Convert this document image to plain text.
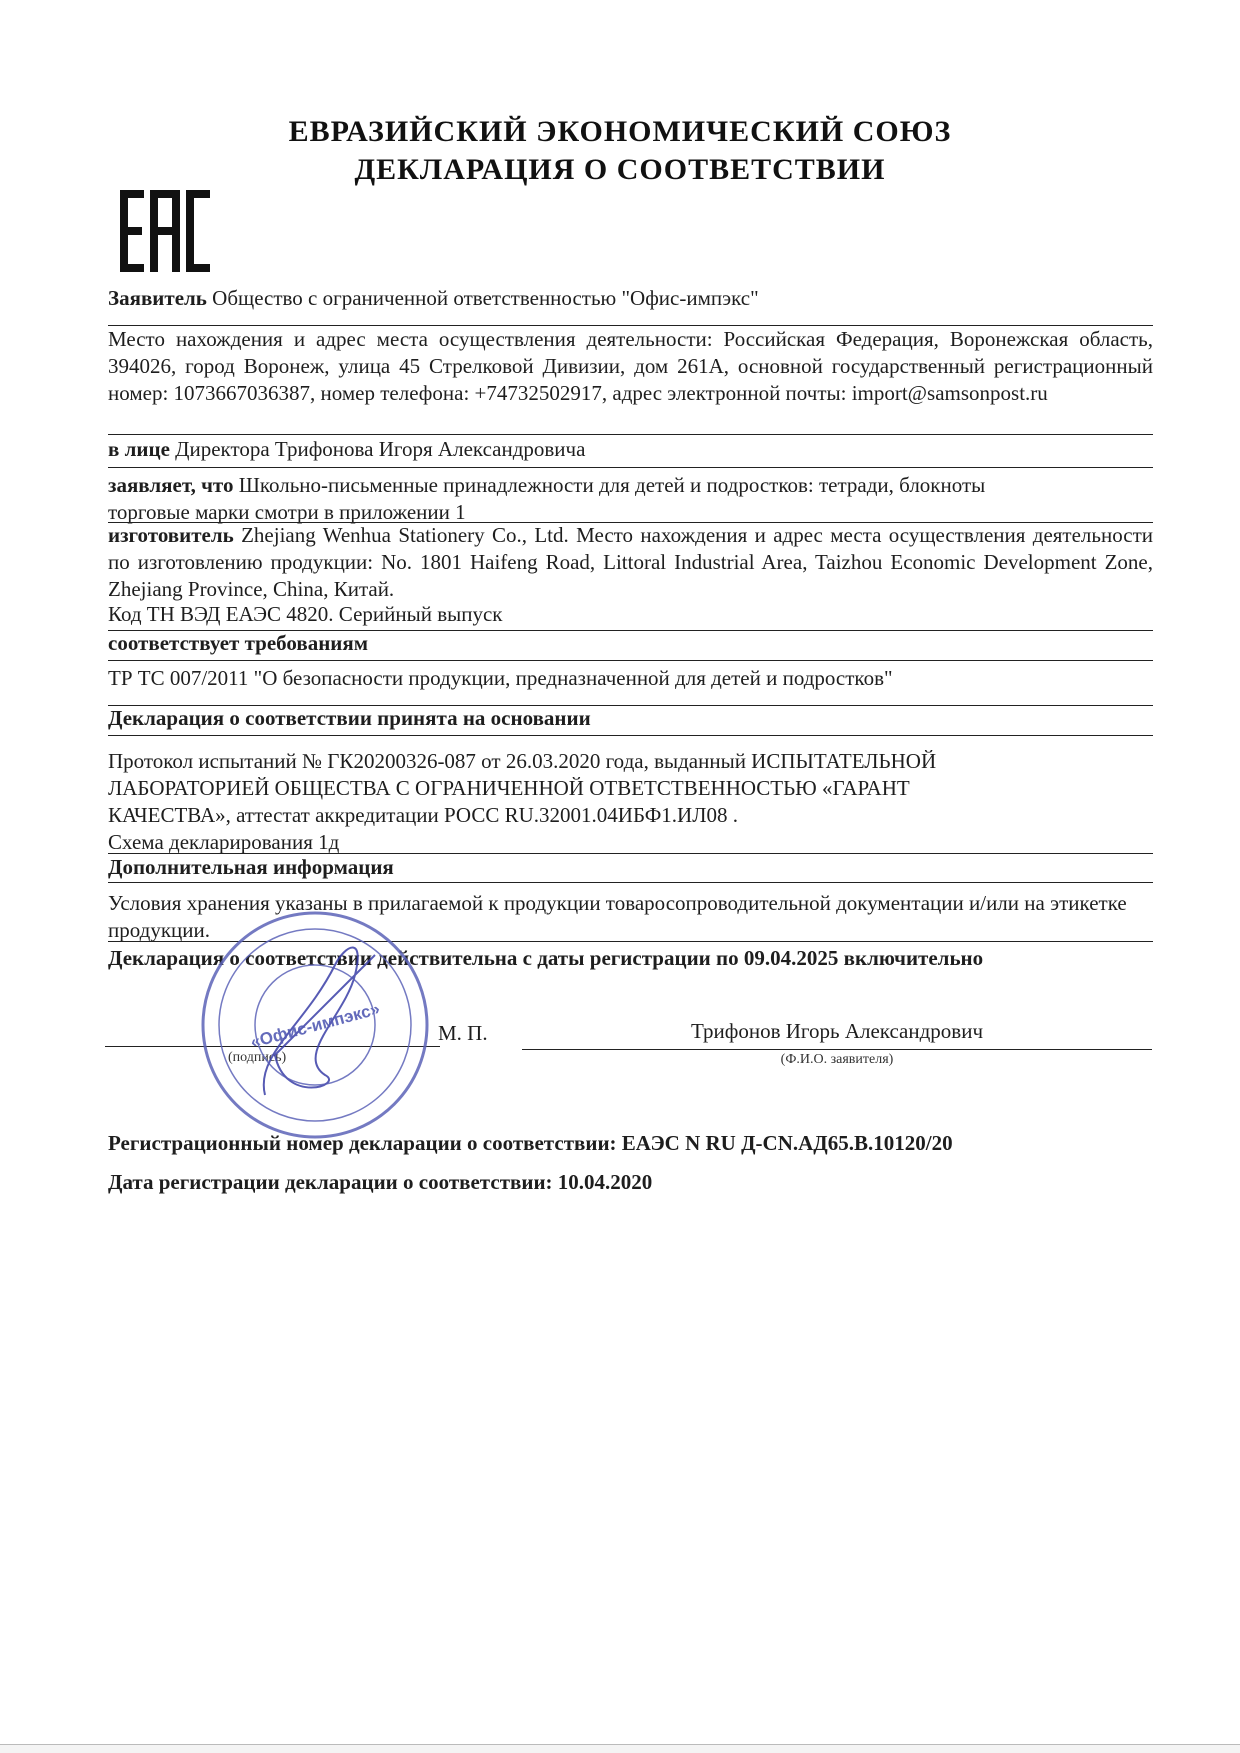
ЕВРАЗИЙСКИЙ ЭКОНОМИЧЕСКИЙ СОЮЗ
ДЕКЛАРАЦИЯ О СООТВЕТСТВИИ
Заявитель Общество с ограниченной ответственностью "Офис-импэкс"
Место нахождения и адрес места осуществления деятельности: Российская Федерация, Воронежская область, 394026, город Воронеж, улица 45 Стрелковой Дивизии, дом 261А, основной государственный регистрационный номер: 1073667036387, номер телефона: +74732502917, адрес электронной почты: import@samsonpost.ru
в лице Директора Трифонова Игоря Александровича
заявляет, что Школьно-письменные принадлежности для детей и подростков: тетради, блокноты
торговые марки смотри в приложении 1
изготовитель Zhejiang Wenhua Stationery Co., Ltd. Место нахождения и адрес места осуществления деятельности по изготовлению продукции: No. 1801 Haifeng Road, Littoral Industrial Area, Taizhou Economic Development Zone, Zhejiang Province, China, Китай.
Код ТН ВЭД ЕАЭС 4820. Серийный выпуск
соответствует требованиям
ТР ТС 007/2011 "О безопасности продукции, предназначенной для детей и подростков"
Декларация о соответствии принята на основании
Протокол испытаний № ГК20200326-087 от 26.03.2020 года, выданный ИСПЫТАТЕЛЬНОЙ
ЛАБОРАТОРИЕЙ ОБЩЕСТВА С ОГРАНИЧЕННОЙ ОТВЕТСТВЕННОСТЬЮ «ГАРАНТ
КАЧЕСТВА», аттестат аккредитации РОСС RU.32001.04ИБФ1.ИЛ08 .
Схема декларирования 1д
Дополнительная информация
Условия хранения указаны в прилагаемой к продукции товаросопроводительной документации и/или на этикетке продукции.
Декларация о соответствии действительна с даты регистрации по 09.04.2025 включительно
М. П.
(подпись)
Трифонов Игорь Александрович
(Ф.И.О. заявителя)
«Офис-импэкс»
Регистрационный номер декларации о соответствии: ЕАЭС N RU Д-CN.АД65.В.10120/20
Дата регистрации декларации о соответствии: 10.04.2020
